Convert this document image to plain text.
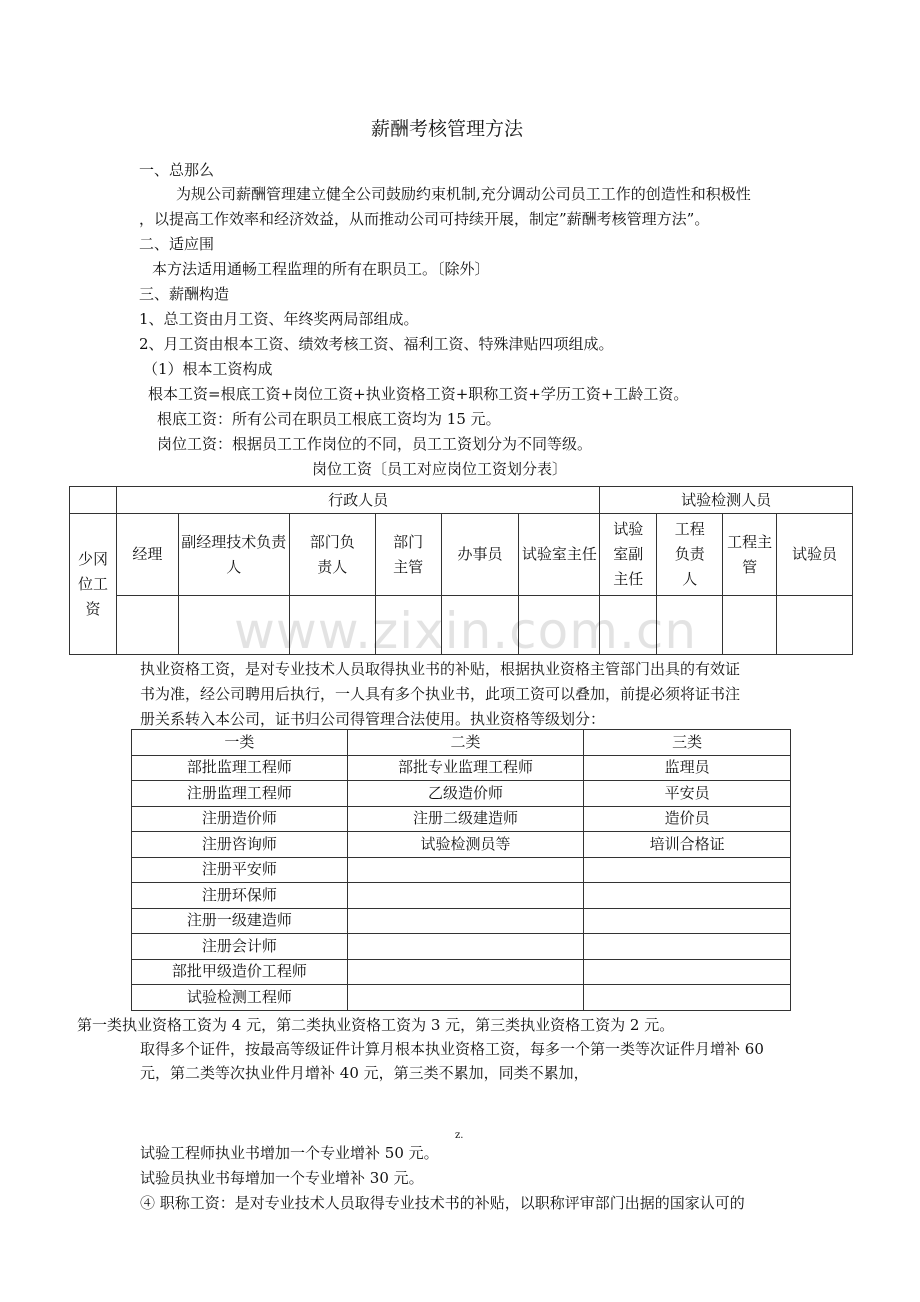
薪酬考核管理方法
一、总那么
为规公司薪酬管理建立健全公司鼓励约束机制,充分调动公司员工工作的创造性和积极性
，以提高工作效率和经济效益，从而推动公司可持续开展，制定”薪酬考核管理方法”。
二、适应围
本方法适用通畅工程监理的所有在职员工。〔除外〕
三、薪酬构造
1、总工资由月工资、年终奖两局部组成。
2、月工资由根本工资、绩效考核工资、福利工资、特殊津贴四项组成。
（1）根本工资构成
根本工资=根底工资+岗位工资+执业资格工资+职称工资+学历工资+工龄工资。
根底工资：所有公司在职员工根底工资均为 15 元。
岗位工资：根据员工工作岗位的不同，员工工资划分为不同等级。
岗位工资〔员工对应岗位工资划分表〕
	行政人员						试验检测人员			

少冈位工资	经理	副经理技术负责人	部门负责人	部门主管	办事员	试验室主任	试验室副主任	工程负责人	工程主管	试验员

www.zixin.com.cn
执业资格工资，是对专业技术人员取得执业书的补贴，根据执业资格主管部门出具的有效证
书为准，经公司聘用后执行，一人具有多个执业书，此项工资可以叠加，前提必须将证书注
册关系转入本公司，证书归公司得管理合法使用。执业资格等级划分：
一类	二类	三类
部批监理工程师	部批专业监理工程师	监理员
注册监理工程师	乙级造价师	平安员
注册造价师	注册二级建造师	造价员
注册咨询师	试验检测员等	培训合格证
注册平安师		
注册环保师		
注册一级建造师		
注册会计师		
部批甲级造价工程师		
试验检测工程师		
第一类执业资格工资为 4 元，第二类执业资格工资为 3 元，第三类执业资格工资为 2 元。
取得多个证件，按最高等级证件计算月根本执业资格工资，每多一个第一类等次证件月增补 60
元，第二类等次执业件月增补 40 元，第三类不累加，同类不累加，
z.
试验工程师执业书增加一个专业增补 50 元。
试验员执业书每增加一个专业增补 30 元。
④ 职称工资：是对专业技术人员取得专业技术书的补贴，以职称评审部门出据的国家认可的
